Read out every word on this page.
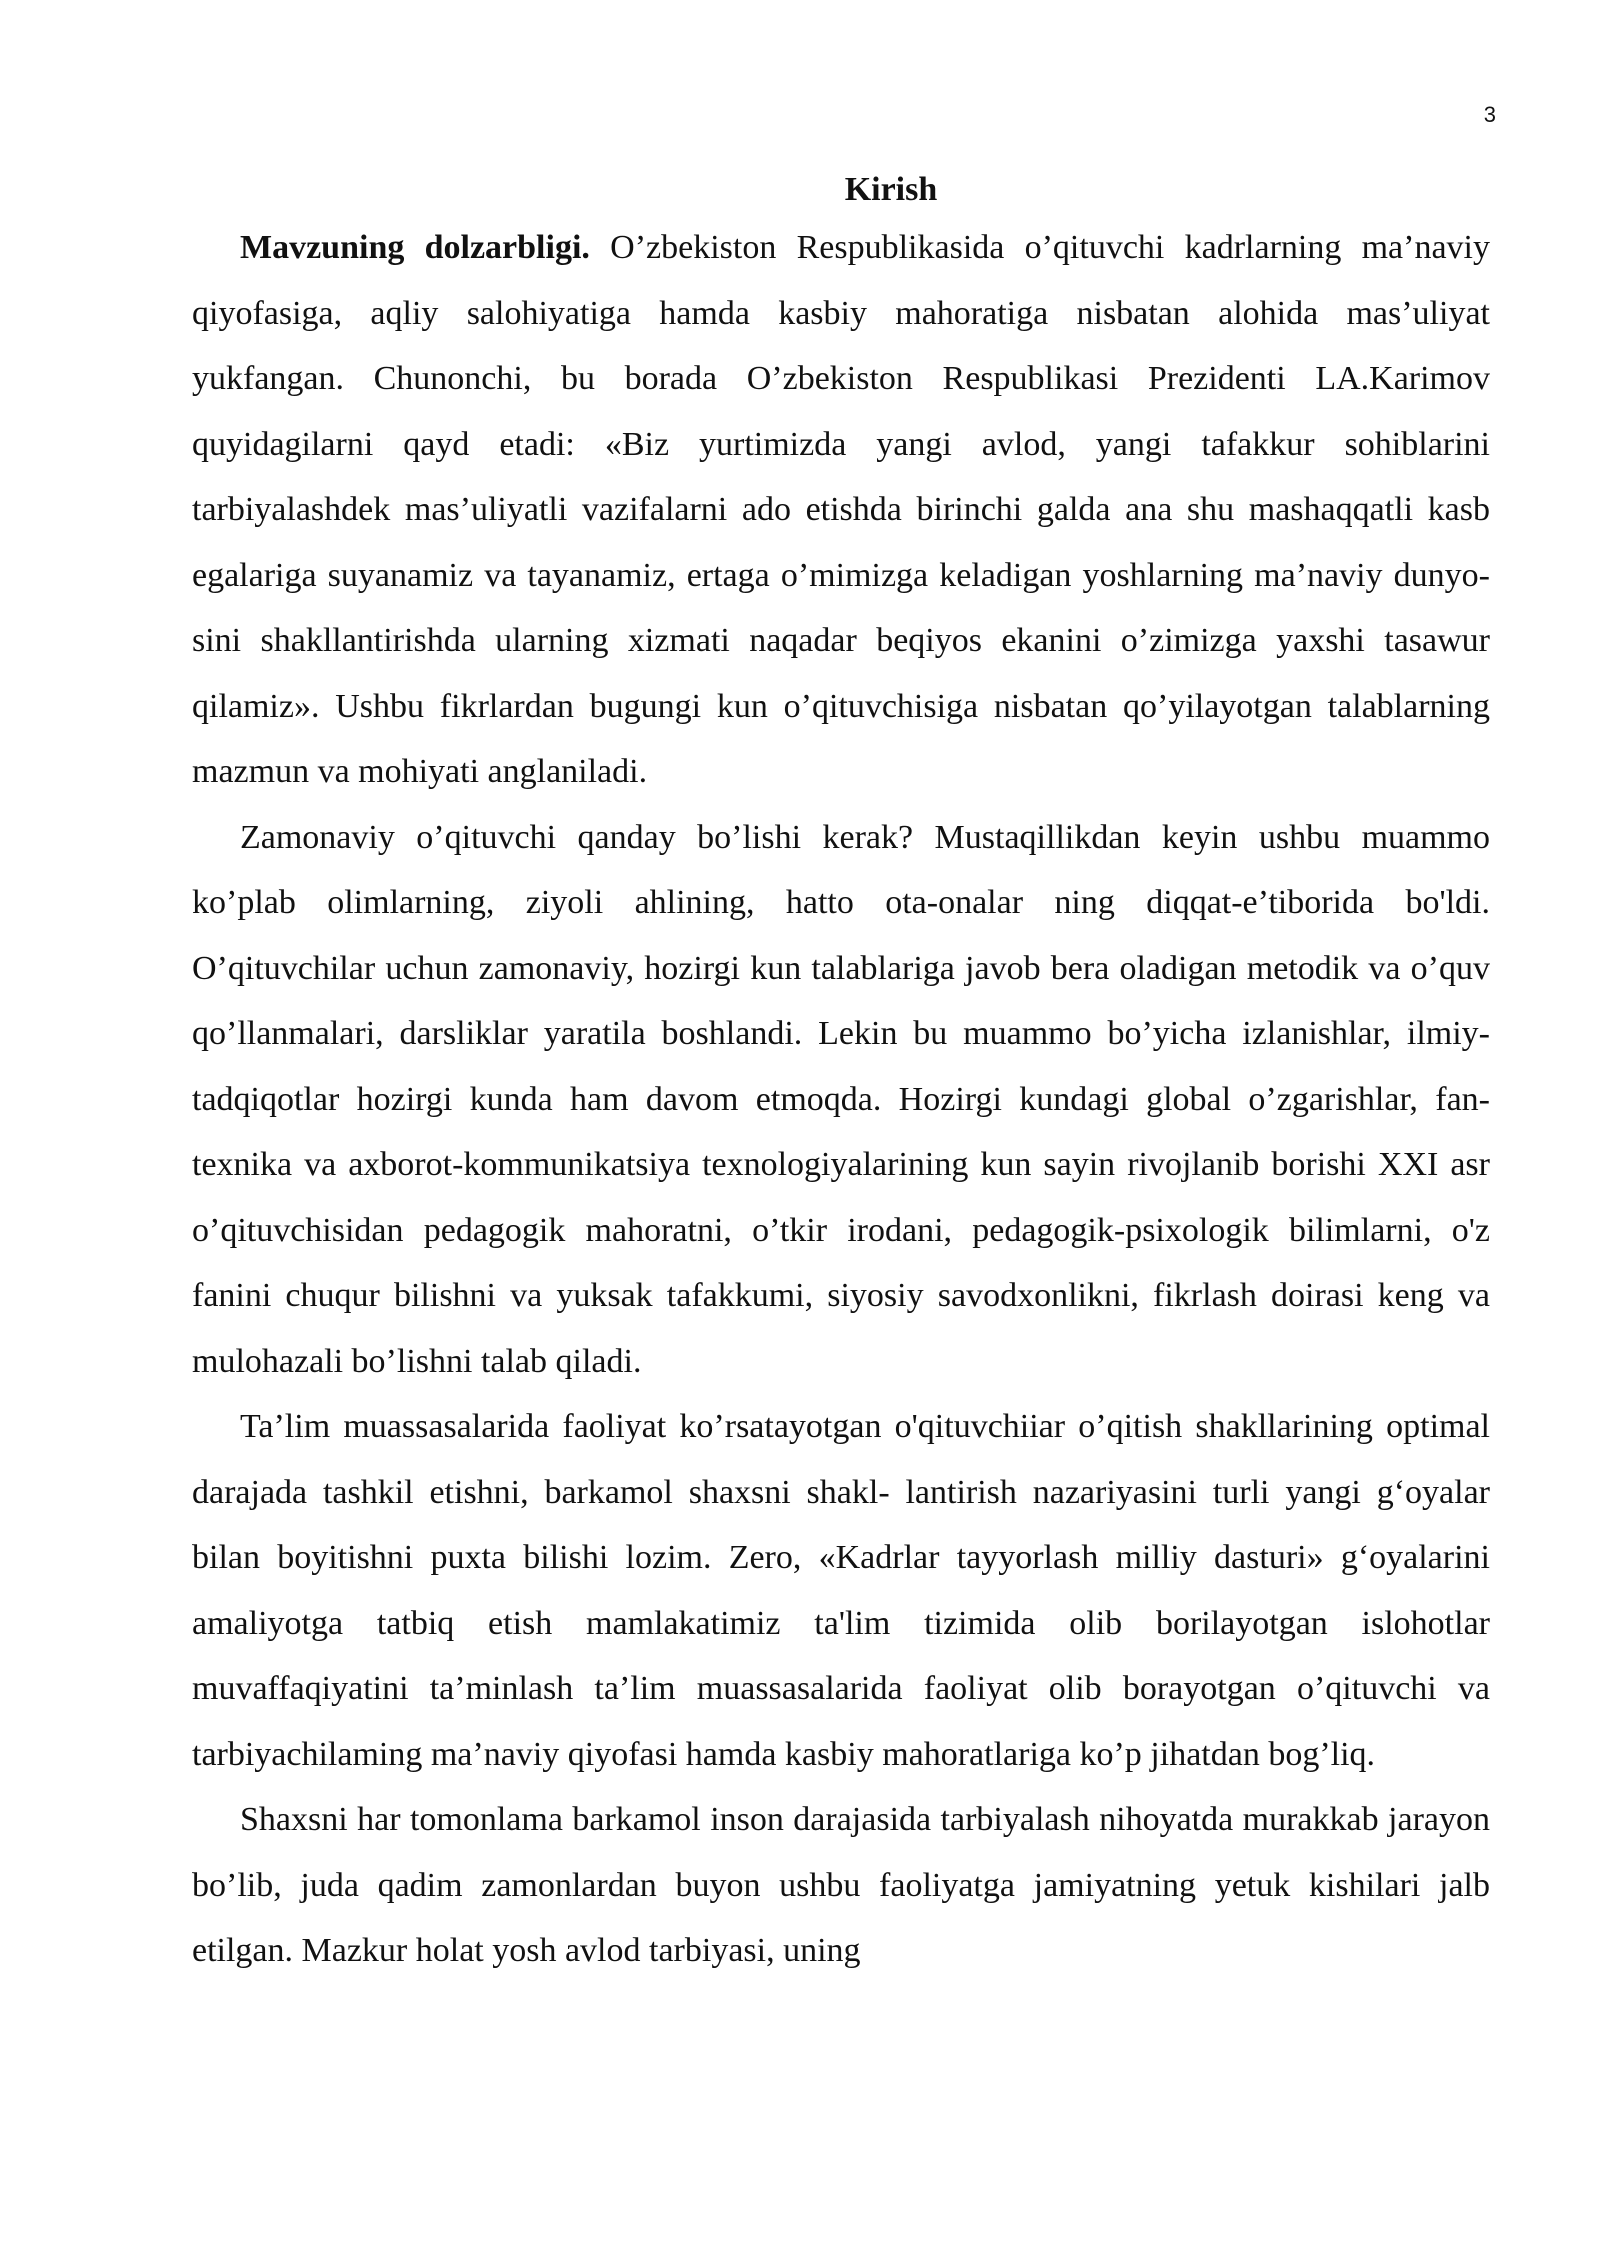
3
Kirish

Mavzuning dolzarbligi. O’zbekiston Respublikasida o’qituvchi kadrlarning ma’naviy qiyofasiga, aqliy salohiyatiga hamda kasbiy mahoratiga nisbatan alohida mas’uliyat yukfangan. Chunonchi, bu borada O’zbekiston Respublikasi Prezidenti LA.Karimov quyidagilarni qayd etadi: «Biz yurtimizda yangi avlod, yangi tafakkur sohiblarini tarbiyalashdek mas’uliyatli vazifalarni ado etishda birinchi galda ana shu mashaqqatli kasb egalariga suyanamiz va tayanamiz, ertaga o’mimizga keladigan yoshlarning ma’naviy dunyo- sini shakllantirishda ularning xizmati naqadar beqiyos ekanini o’zimizga yaxshi tasawur qilamiz». Ushbu fikrlardan bugungi kun o’qituvchisiga nisbatan qo’yilayotgan talablarning mazmun va mohiyati anglaniladi.

Zamonaviy o’qituvchi qanday bo’lishi kerak? Mustaqillikdan keyin ushbu muammo ko’plab olimlarning, ziyoli ahlining, hatto ota-onalar ning diqqat-e’tiborida bo'ldi. O’qituvchilar uchun zamonaviy, hozirgi kun talablariga javob bera oladigan metodik va o’quv qo’llanmalari, darsliklar yaratila boshlandi. Lekin bu muammo bo’yicha izlanishlar, ilmiy-tadqiqotlar hozirgi kunda ham davom etmoqda. Hozirgi kundagi global o’zgarishlar, fan-texnika va axborot-kommunikatsiya texnologiyalarining kun sayin rivojlanib borishi XXI asr o’qituvchisidan pedagogik mahoratni, o’tkir irodani, pedagogik-psixologik bilimlarni, o'z fanini chuqur bilishni va yuksak tafakkumi, siyosiy savodxonlikni, fikrlash doirasi keng va mulohazali bo’lishni talab qiladi.

Ta’lim muassasalarida faoliyat ko’rsatayotgan o'qituvchiiar o’qitish shakllarining optimal darajada tashkil etishni, barkamol shaxsni shakl- lantirish nazariyasini turli yangi g‘oyalar bilan boyitishni puxta bilishi lozim. Zero, «Kadrlar tayyorlash milliy dasturi» g‘oyalarini amaliyotga tatbiq etish mamlakatimiz ta'lim tizimida olib borilayotgan islohotlar muvaffaqiyatini ta’minlash ta’lim muassasalarida faoliyat olib borayotgan o’qituvchi va tarbiyachilaming ma’naviy qiyofasi hamda kasbiy mahoratlariga ko’p jihatdan bog’liq.

Shaxsni har tomonlama barkamol inson darajasida tarbiyalash nihoyatda murakkab jarayon bo’lib, juda qadim zamonlardan buyon ushbu faoliyatga jamiyatning yetuk kishilari jalb etilgan. Mazkur holat yosh avlod tarbiyasi, uning
